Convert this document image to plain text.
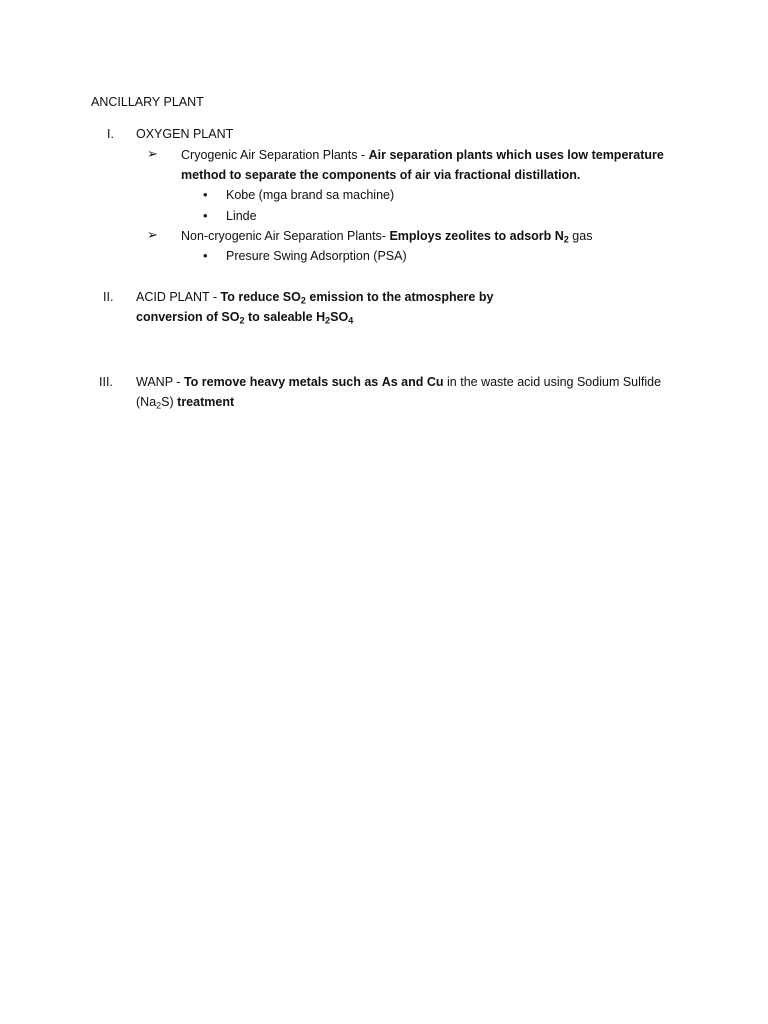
ANCILLARY PLANT
I. OXYGEN PLANT
➢ Cryogenic Air Separation Plants - Air separation plants which uses low temperature
method to separate the components of air via fractional distillation.
• Kobe (mga brand sa machine)
• Linde
➢ Non-cryogenic Air Separation Plants- Employs zeolites to adsorb $N_2$ gas
• Presure Swing Adsorption (PSA)
II. ACID PLANT - To reduce $SO_2$ emission to the atmosphere by
conversion of $SO_2$ to saleable $H_2SO_4$
III. WANP - To remove heavy metals such as As and Cu in the waste acid using Sodium Sulfide
$(Na_2S)$ treatment
